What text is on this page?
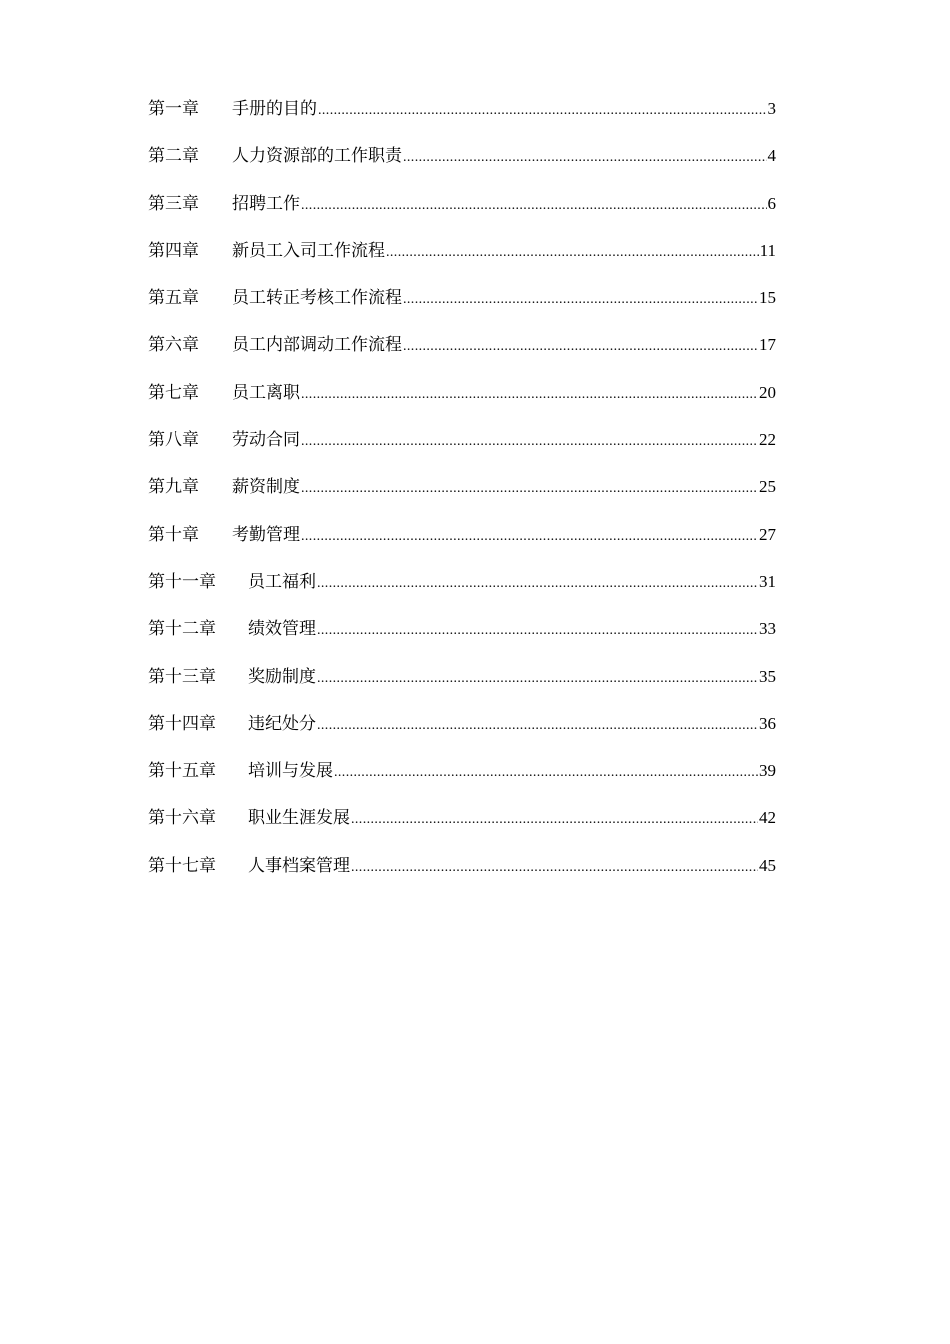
第一章	手册的目的 .....	3
第二章	人力资源部的工作职责 .....	4
第三章	招聘工作 .....	6
第四章	新员工入司工作流程 .....	11
第五章	员工转正考核工作流程 .....	15
第六章	员工内部调动工作流程 .....	17
第七章	员工离职 .....	20
第八章	劳动合同 .....	22
第九章	薪资制度 .....	25
第十章	考勤管理 .....	27
第十一章	员工福利 .....	31
第十二章	绩效管理 .....	33
第十三章	奖励制度 .....	35
第十四章	违纪处分 .....	36
第十五章	培训与发展 .....	39
第十六章	职业生涯发展 .....	42
第十七章	人事档案管理 .....	45
